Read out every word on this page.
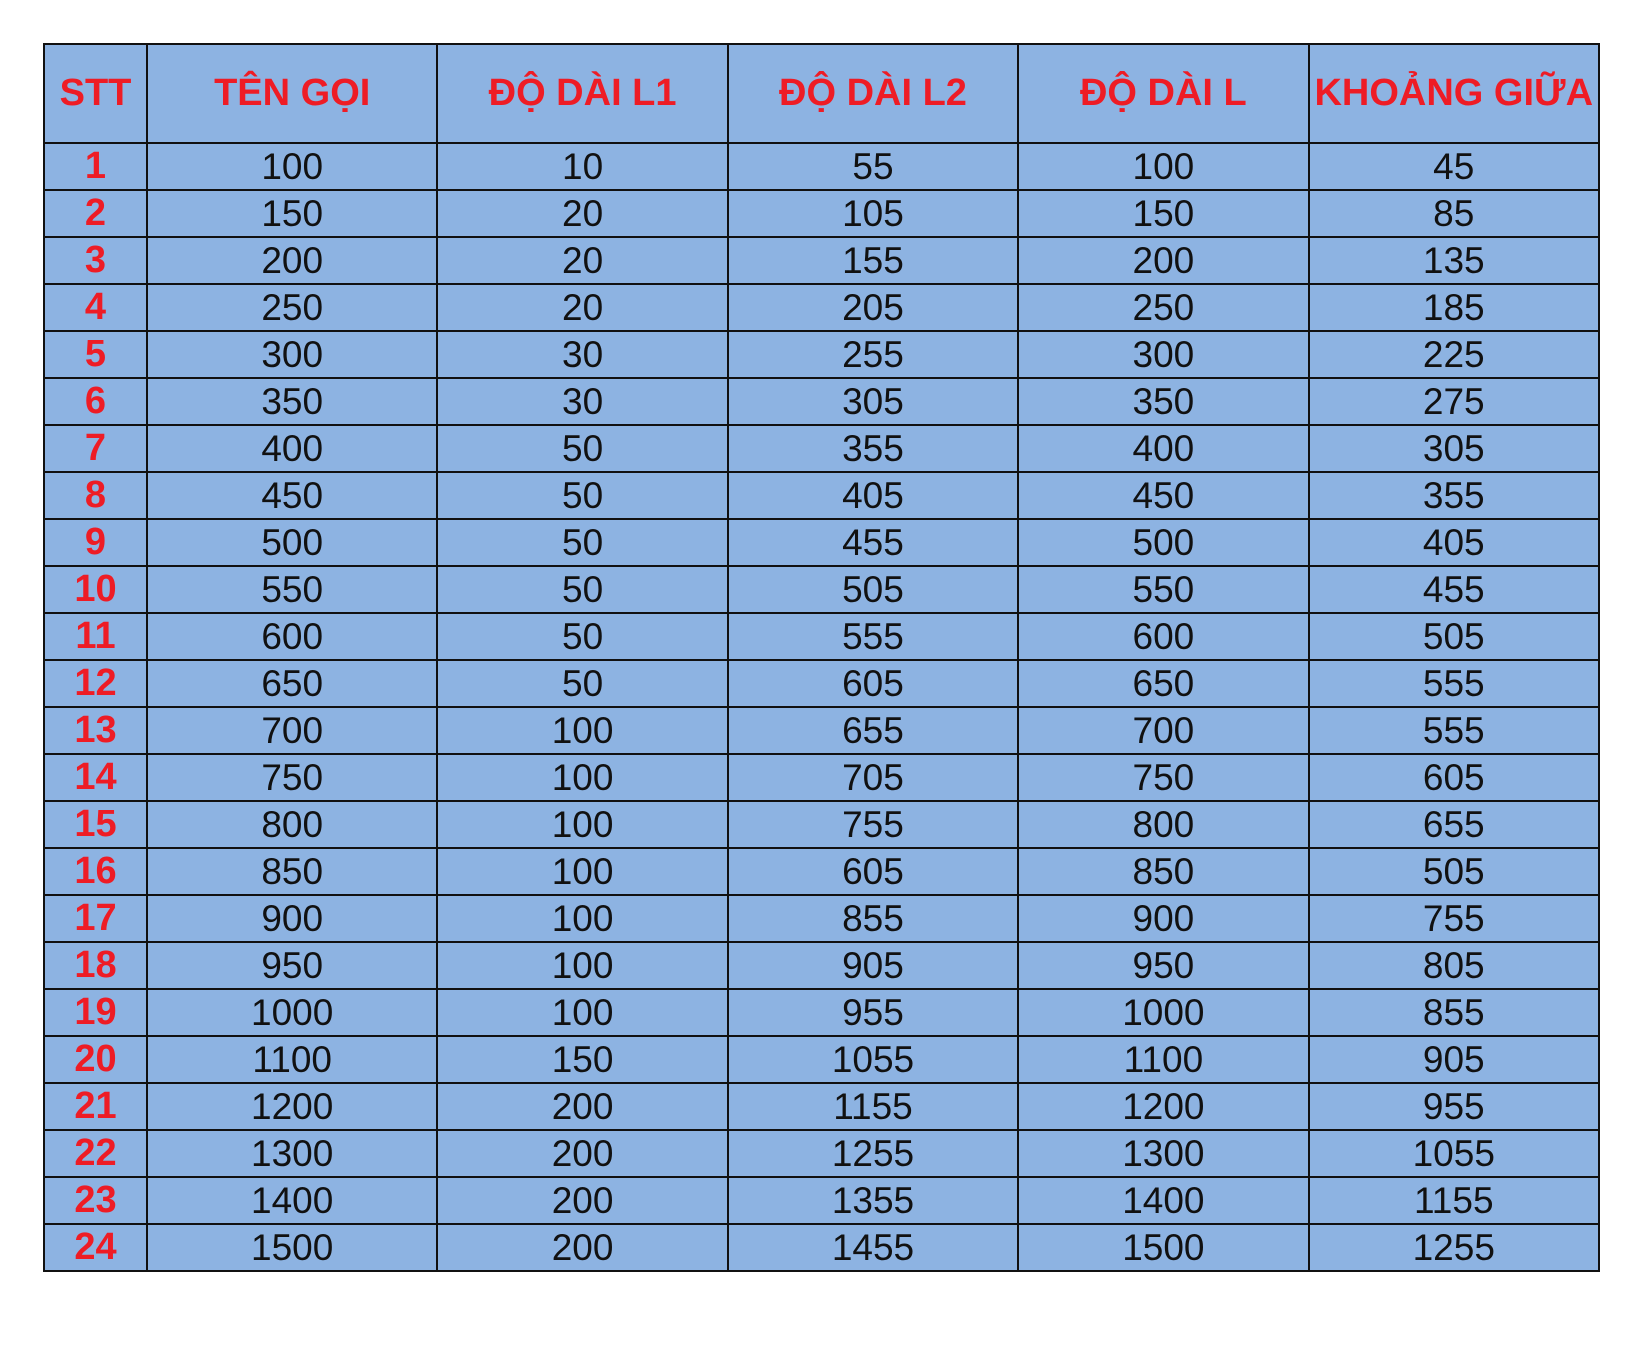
STT	TÊN GỌI	ĐỘ DÀI L1	ĐỘ DÀI L2	ĐỘ DÀI L	KHOẢNG GIỮA
1	100	10	55	100	45
2	150	20	105	150	85
3	200	20	155	200	135
4	250	20	205	250	185
5	300	30	255	300	225
6	350	30	305	350	275
7	400	50	355	400	305
8	450	50	405	450	355
9	500	50	455	500	405
10	550	50	505	550	455
11	600	50	555	600	505
12	650	50	605	650	555
13	700	100	655	700	555
14	750	100	705	750	605
15	800	100	755	800	655
16	850	100	605	850	505
17	900	100	855	900	755
18	950	100	905	950	805
19	1000	100	955	1000	855
20	1100	150	1055	1100	905
21	1200	200	1155	1200	955
22	1300	200	1255	1300	1055
23	1400	200	1355	1400	1155
24	1500	200	1455	1500	1255
